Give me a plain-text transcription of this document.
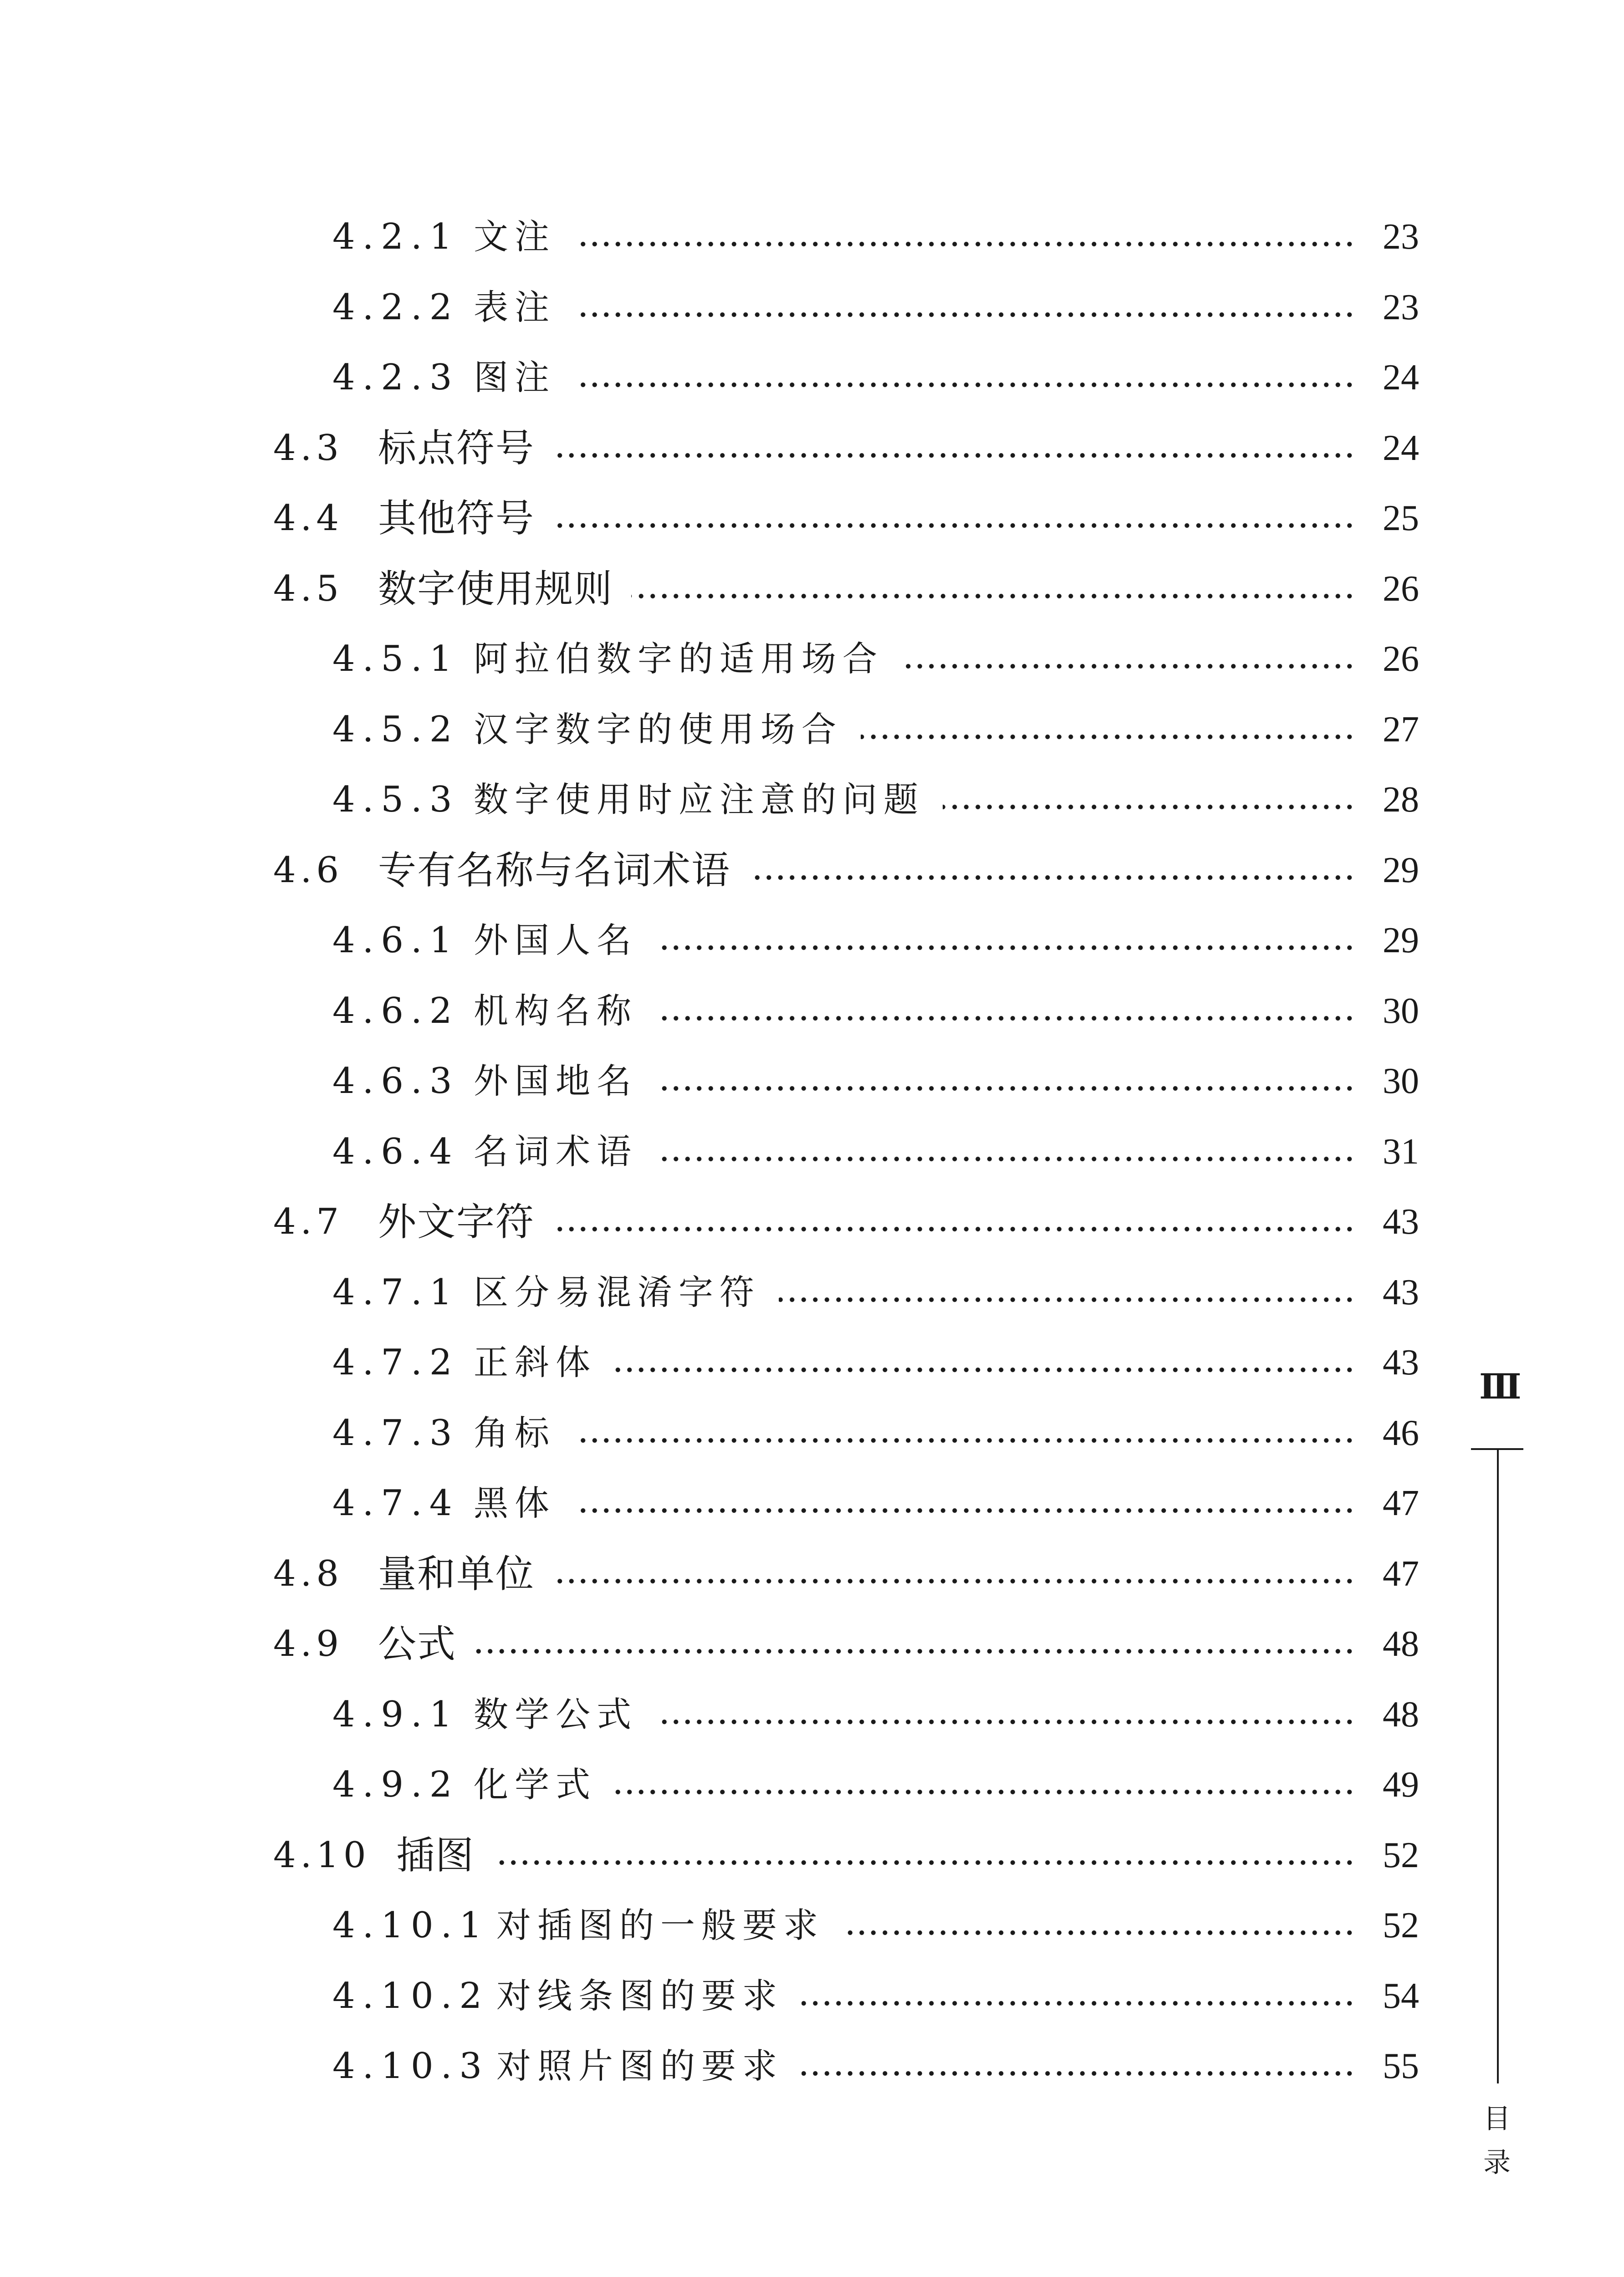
4.2.1 文注	23
4.2.2 表注	23
4.2.3 图注	24
4.3 标点符号	24
4.4 其他符号	25
4.5 数字使用规则	26
4.5.1 阿拉伯数字的适用场合	26
4.5.2 汉字数字的使用场合	27
4.5.3 数字使用时应注意的问题	28
4.6 专有名称与名词术语	29
4.6.1 外国人名	29
4.6.2 机构名称	30
4.6.3 外国地名	30
4.6.4 名词术语	31
4.7 外文字符	43
4.7.1 区分易混淆字符	43
4.7.2 正斜体	43
4.7.3 角标	46
4.7.4 黑体	47
4.8 量和单位	47
4.9 公式	48
4.9.1 数学公式	48
4.9.2 化学式	49
4.10 插图	52
4.10.1 对插图的一般要求	52
4.10.2 对线条图的要求	54
4.10.3 对照片图的要求	55
Ⅲ
目
录
